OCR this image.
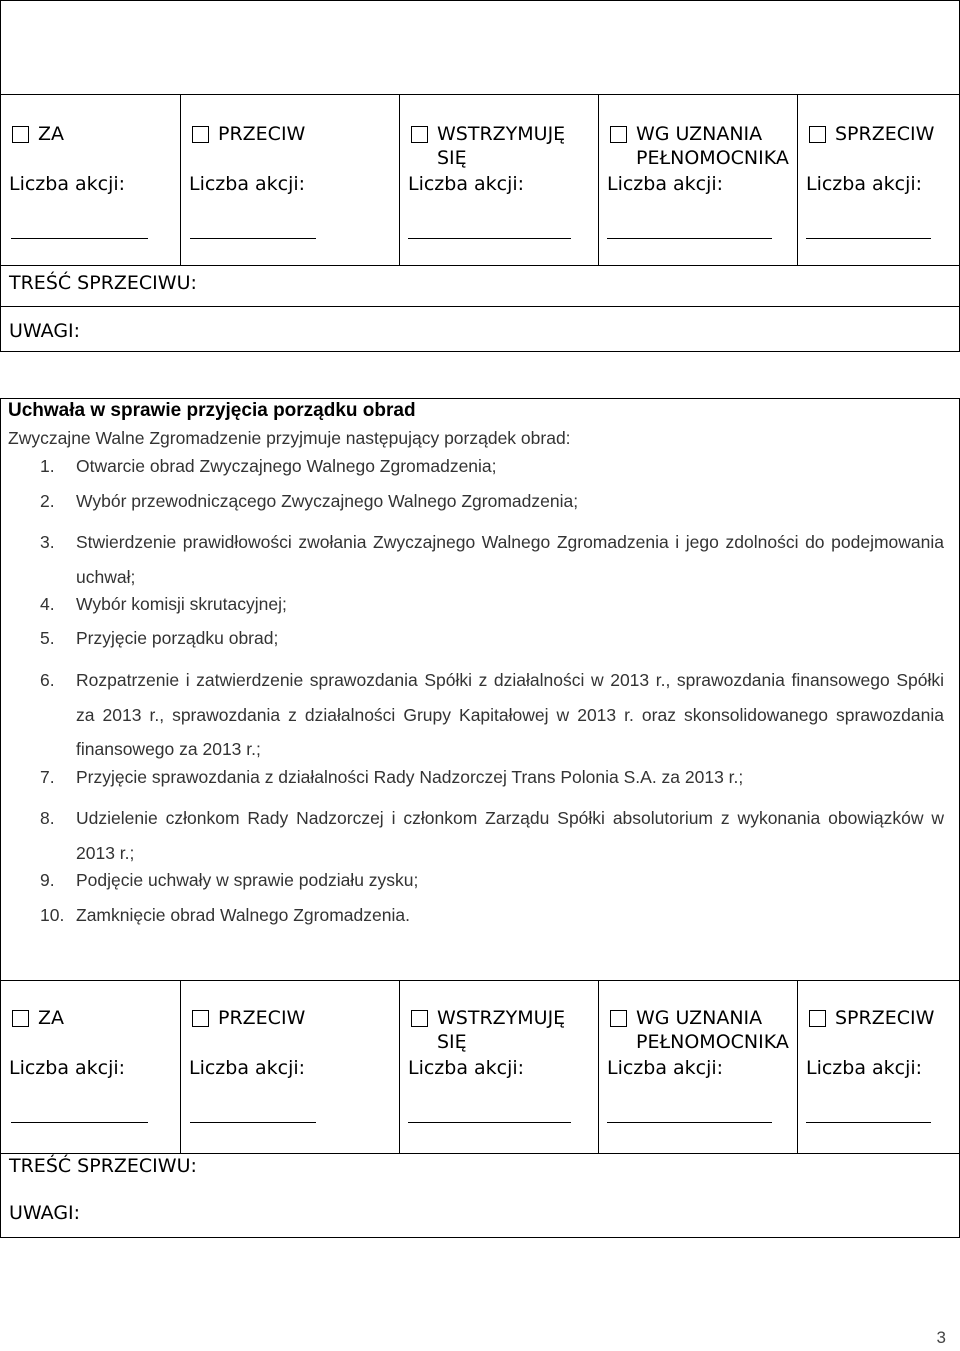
ZA
Liczba akcji:
PRZECIW
Liczba akcji:
WSTRZYMUJĘ SIĘ
Liczba akcji:
WG UZNANIA PEŁNOMOCNIKA
Liczba akcji:
SPRZECIW
Liczba akcji:
TREŚĆ SPRZECIWU:
UWAGI:
Uchwała w sprawie przyjęcia porządku obrad
Zwyczajne Walne Zgromadzenie przyjmuje następujący porządek obrad:
1. Otwarcie obrad Zwyczajnego Walnego Zgromadzenia;
2. Wybór przewodniczącego Zwyczajnego Walnego Zgromadzenia;
3. Stwierdzenie prawidłowości zwołania Zwyczajnego Walnego Zgromadzenia i jego zdolności do podejmowania uchwał;
4. Wybór komisji skrutacyjnej;
5. Przyjęcie porządku obrad;
6. Rozpatrzenie i zatwierdzenie sprawozdania Spółki z działalności w 2013 r., sprawozdania finansowego Spółki za 2013 r., sprawozdania z działalności Grupy Kapitałowej w 2013 r. oraz skonsolidowanego sprawozdania finansowego za 2013 r.;
7. Przyjęcie sprawozdania z działalności Rady Nadzorczej Trans Polonia S.A. za 2013 r.;
8. Udzielenie członkom Rady Nadzorczej i członkom Zarządu Spółki absolutorium z wykonania obowiązków w 2013 r.;
9. Podjęcie uchwały w sprawie podziału zysku;
10. Zamknięcie obrad Walnego Zgromadzenia.
ZA
Liczba akcji:
PRZECIW
Liczba akcji:
WSTRZYMUJĘ SIĘ
Liczba akcji:
WG UZNANIA PEŁNOMOCNIKA
Liczba akcji:
SPRZECIW
Liczba akcji:
TREŚĆ SPRZECIWU:
UWAGI:
3
